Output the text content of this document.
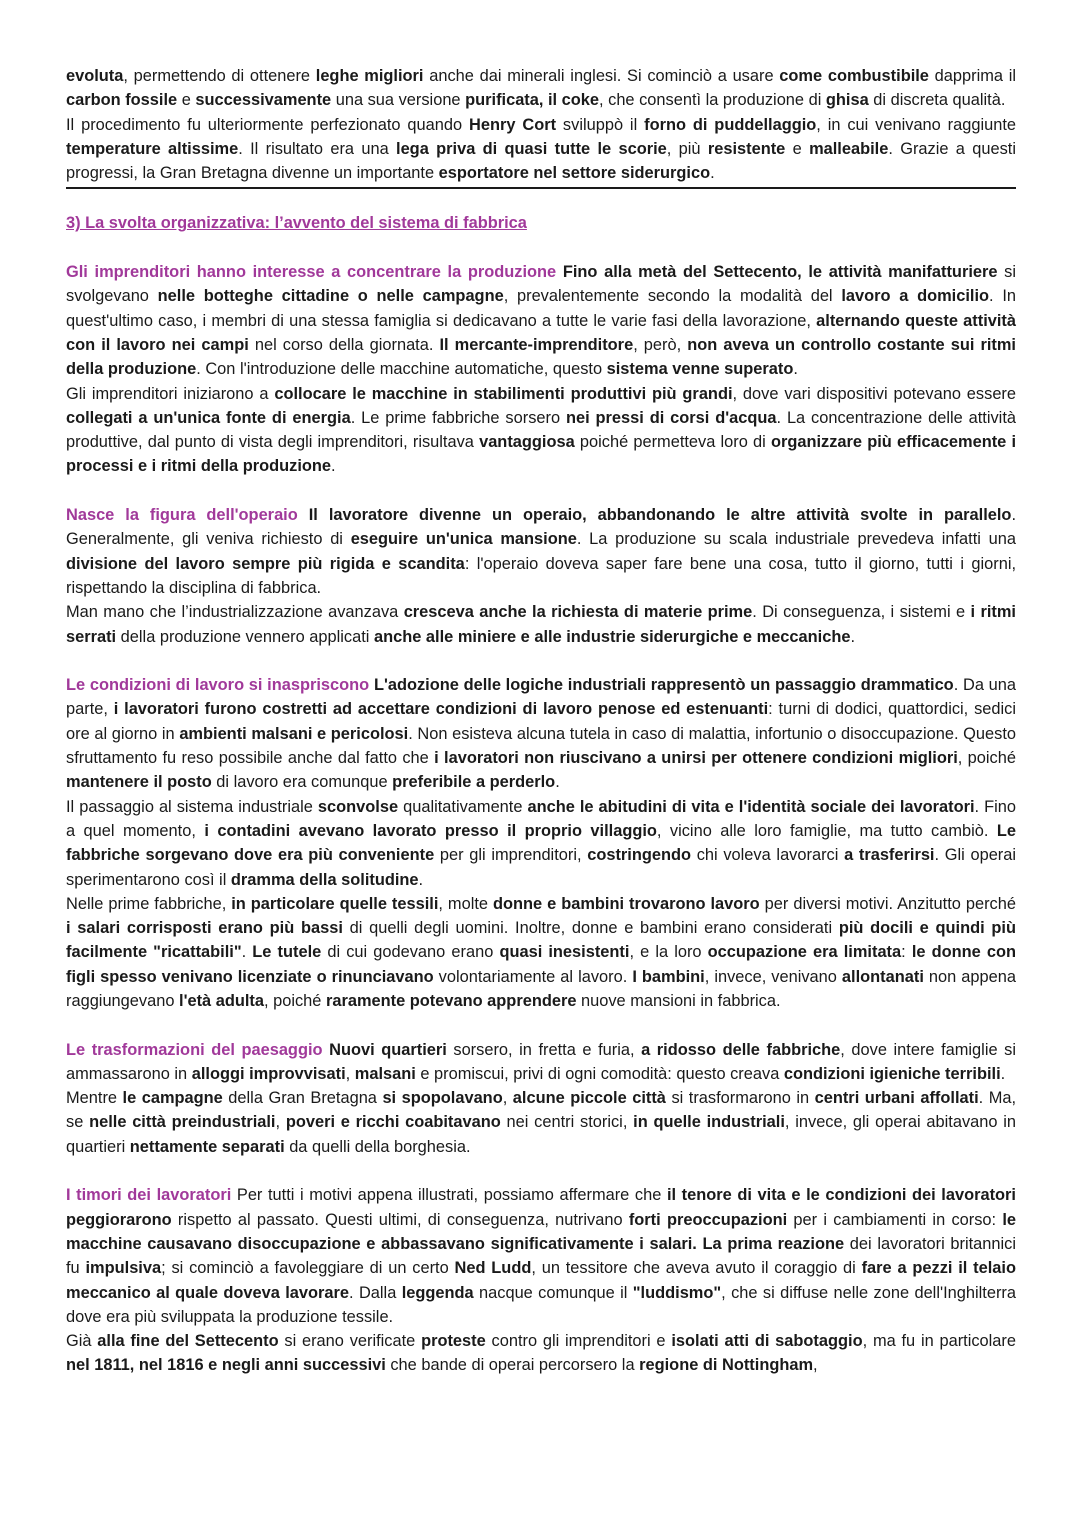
evoluta, permettendo di ottenere leghe migliori anche dai minerali inglesi. Si cominciò a usare come combustibile dapprima il carbon fossile e successivamente una sua versione purificata, il coke, che consentì la produzione di ghisa di discreta qualità.

Il procedimento fu ulteriormente perfezionato quando Henry Cort sviluppò il forno di puddellaggio, in cui venivano raggiunte temperature altissime. Il risultato era una lega priva di quasi tutte le scorie, più resistente e malleabile. Grazie a questi progressi, la Gran Bretagna divenne un importante esportatore nel settore siderurgico.

3) La svolta organizzativa: l’avvento del sistema di fabbrica

Gli imprenditori hanno interesse a concentrare la produzione Fino alla metà del Settecento, le attività manifatturiere si svolgevano nelle botteghe cittadine o nelle campagne, prevalentemente secondo la modalità del lavoro a domicilio. In quest'ultimo caso, i membri di una stessa famiglia si dedicavano a tutte le varie fasi della lavorazione, alternando queste attività con il lavoro nei campi nel corso della giornata. Il mercante-imprenditore, però, non aveva un controllo costante sui ritmi della produzione. Con l'introduzione delle macchine automatiche, questo sistema venne superato.
Gli imprenditori iniziarono a collocare le macchine in stabilimenti produttivi più grandi, dove vari dispositivi potevano essere collegati a un'unica fonte di energia. Le prime fabbriche sorsero nei pressi di corsi d'acqua. La concentrazione delle attività produttive, dal punto di vista degli imprenditori, risultava vantaggiosa poiché permetteva loro di organizzare più efficacemente i processi e i ritmi della produzione.

Nasce la figura dell'operaio Il lavoratore divenne un operaio, abbandonando le altre attività svolte in parallelo. Generalmente, gli veniva richiesto di eseguire un'unica mansione. La produzione su scala industriale prevedeva infatti una divisione del lavoro sempre più rigida e scandita: l'operaio doveva saper fare bene una cosa, tutto il giorno, tutti i giorni, rispettando la disciplina di fabbrica.
Man mano che l’industrializzazione avanzava cresceva anche la richiesta di materie prime. Di conseguenza, i sistemi e i ritmi serrati della produzione vennero applicati anche alle miniere e alle industrie siderurgiche e meccaniche.

Le condizioni di lavoro si inaspriscono L'adozione delle logiche industriali rappresentò un passaggio drammatico. Da una parte, i lavoratori furono costretti ad accettare condizioni di lavoro penose ed estenuanti: turni di dodici, quattordici, sedici ore al giorno in ambienti malsani e pericolosi. Non esisteva alcuna tutela in caso di malattia, infortunio o disoccupazione. Questo sfruttamento fu reso possibile anche dal fatto che i lavoratori non riuscivano a unirsi per ottenere condizioni migliori, poiché mantenere il posto di lavoro era comunque preferibile a perderlo.
Il passaggio al sistema industriale sconvolse qualitativamente anche le abitudini di vita e l'identità sociale dei lavoratori. Fino a quel momento, i contadini avevano lavorato presso il proprio villaggio, vicino alle loro famiglie, ma tutto cambiò. Le fabbriche sorgevano dove era più conveniente per gli imprenditori, costringendo chi voleva lavorarci a trasferirsi. Gli operai sperimentarono così il dramma della solitudine.
Nelle prime fabbriche, in particolare quelle tessili, molte donne e bambini trovarono lavoro per diversi motivi. Anzitutto perché i salari corrisposti erano più bassi di quelli degli uomini. Inoltre, donne e bambini erano considerati più docili e quindi più facilmente "ricattabili". Le tutele di cui godevano erano quasi inesistenti, e la loro occupazione era limitata: le donne con figli spesso venivano licenziate o rinunciavano volontariamente al lavoro. I bambini, invece, venivano allontanati non appena raggiungevano l'età adulta, poiché raramente potevano apprendere nuove mansioni in fabbrica.

Le trasformazioni del paesaggio Nuovi quartieri sorsero, in fretta e furia, a ridosso delle fabbriche, dove intere famiglie si ammassarono in alloggi improvvisati, malsani e promiscui, privi di ogni comodità: questo creava condizioni igieniche terribili.
Mentre le campagne della Gran Bretagna si spopolavano, alcune piccole città si trasformarono in centri urbani affollati. Ma, se nelle città preindustriali, poveri e ricchi coabitavano nei centri storici, in quelle industriali, invece, gli operai abitavano in quartieri nettamente separati da quelli della borghesia.

I timori dei lavoratori Per tutti i motivi appena illustrati, possiamo affermare che il tenore di vita e le condizioni dei lavoratori peggiorarono rispetto al passato. Questi ultimi, di conseguenza, nutrivano forti preoccupazioni per i cambiamenti in corso: le macchine causavano disoccupazione e abbassavano significativamente i salari. La prima reazione dei lavoratori britannici fu impulsiva; si cominciò a favoleggiare di un certo Ned Ludd, un tessitore che aveva avuto il coraggio di fare a pezzi il telaio meccanico al quale doveva lavorare. Dalla leggenda nacque comunque il "luddismo", che si diffuse nelle zone dell'Inghilterra dove era più sviluppata la produzione tessile.
Già alla fine del Settecento si erano verificate proteste contro gli imprenditori e isolati atti di sabotaggio, ma fu in particolare nel 1811, nel 1816 e negli anni successivi che bande di operai percorsero la regione di Nottingham,
